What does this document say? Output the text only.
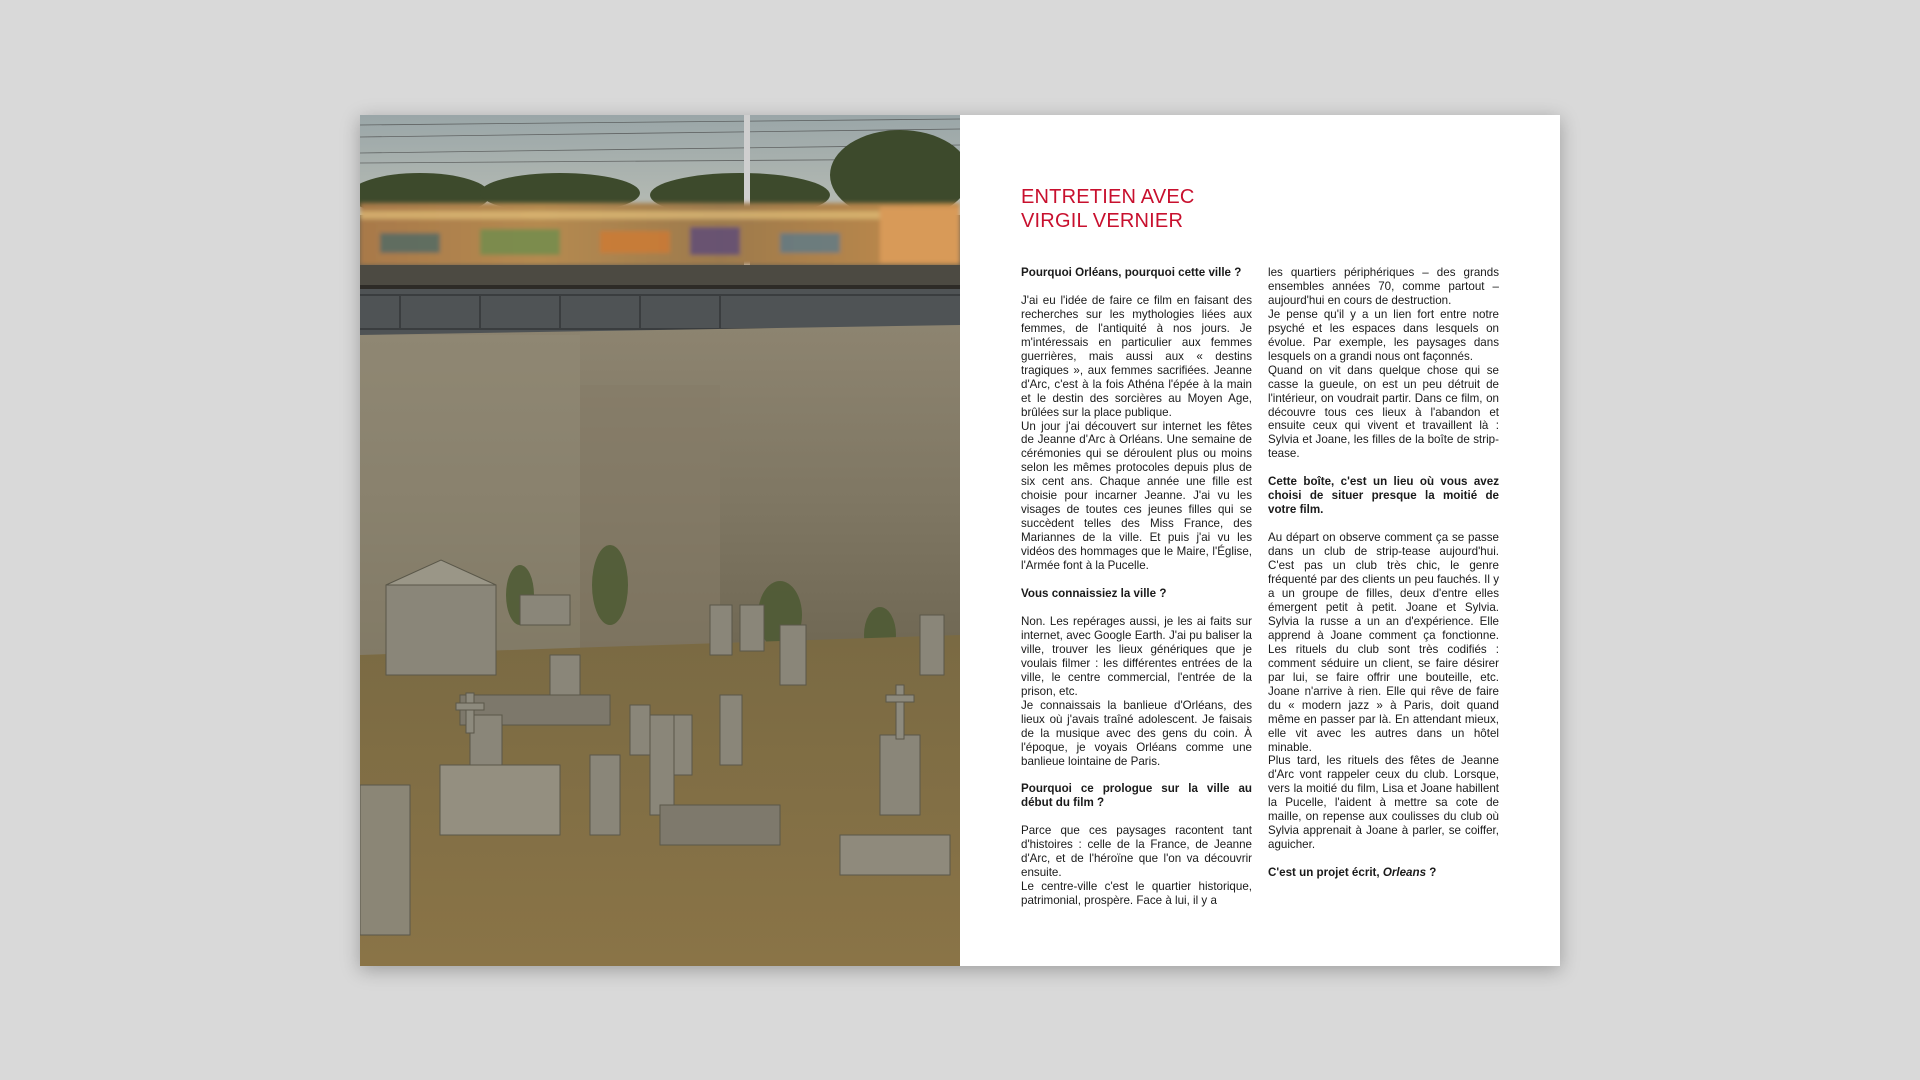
ENTRETIEN AVEC
VIRGIL VERNIER

Pourquoi Orléans, pourquoi cette ville ?

J'ai eu l'idée de faire ce film en faisant des recherches sur les mythologies liées aux femmes, de l'antiquité à nos jours. Je m'intéressais en particulier aux femmes guerrières, mais aussi aux « destins tragiques », aux femmes sacrifiées. Jeanne d'Arc, c'est à la fois Athéna l'épée à la main et le destin des sorcières au Moyen Age, brûlées sur la place publique.

Un jour j'ai découvert sur internet les fêtes de Jeanne d'Arc à Orléans. Une semaine de cérémonies qui se déroulent plus ou moins selon les mêmes protocoles depuis plus de six cent ans. Chaque année une fille est choisie pour incarner Jeanne. J'ai vu les visages de toutes ces jeunes filles qui se succèdent telles des Miss France, des Mariannes de la ville. Et puis j'ai vu les vidéos des hommages que le Maire, l'Église, l'Armée font à la Pucelle.

Vous connaissiez la ville ?

Non. Les repérages aussi, je les ai faits sur internet, avec Google Earth. J'ai pu baliser la ville, trouver les lieux génériques que je voulais filmer : les différentes entrées de la ville, le centre commercial, l'entrée de la prison, etc.

Je connaissais la banlieue d'Orléans, des lieux où j'avais traîné adolescent. Je faisais de la musique avec des gens du coin. À l'époque, je voyais Orléans comme une banlieue lointaine de Paris.

Pourquoi ce prologue sur la ville au début du film ?

Parce que ces paysages racontent tant d'histoires : celle de la France, de Jeanne d'Arc, et de l'héroïne que l'on va découvrir ensuite.

Le centre-ville c'est le quartier historique, patrimonial, prospère. Face à lui, il y a

les quartiers périphériques – des grands ensembles années 70, comme partout – aujourd'hui en cours de destruction.

Je pense qu'il y a un lien fort entre notre psyché et les espaces dans lesquels on évolue. Par exemple, les paysages dans lesquels on a grandi nous ont façonnés.

Quand on vit dans quelque chose qui se casse la gueule, on est un peu détruit de l'intérieur, on voudrait partir. Dans ce film, on découvre tous ces lieux à l'abandon et ensuite ceux qui vivent et travaillent là : Sylvia et Joane, les filles de la boîte de strip-tease.

Cette boîte, c'est un lieu où vous avez choisi de situer presque la moitié de votre film.

Au départ on observe comment ça se passe dans un club de strip-tease aujourd'hui. C'est pas un club très chic, le genre fréquenté par des clients un peu fauchés. Il y a un groupe de filles, deux d'entre elles émergent petit à petit. Joane et Sylvia. Sylvia la russe a un an d'expérience. Elle apprend à Joane comment ça fonctionne. Les rituels du club sont très codifiés : comment séduire un client, se faire désirer par lui, se faire offrir une bouteille, etc. Joane n'arrive à rien. Elle qui rêve de faire du « modern jazz » à Paris, doit quand même en passer par là. En attendant mieux, elle vit avec les autres dans un hôtel minable.

Plus tard, les rituels des fêtes de Jeanne d'Arc vont rappeler ceux du club. Lorsque, vers la moitié du film, Lisa et Joane habillent la Pucelle, l'aident à mettre sa cote de maille, on repense aux coulisses du club où Sylvia apprenait à Joane à parler, se coiffer, aguicher.

C'est un projet écrit, Orleans ?
